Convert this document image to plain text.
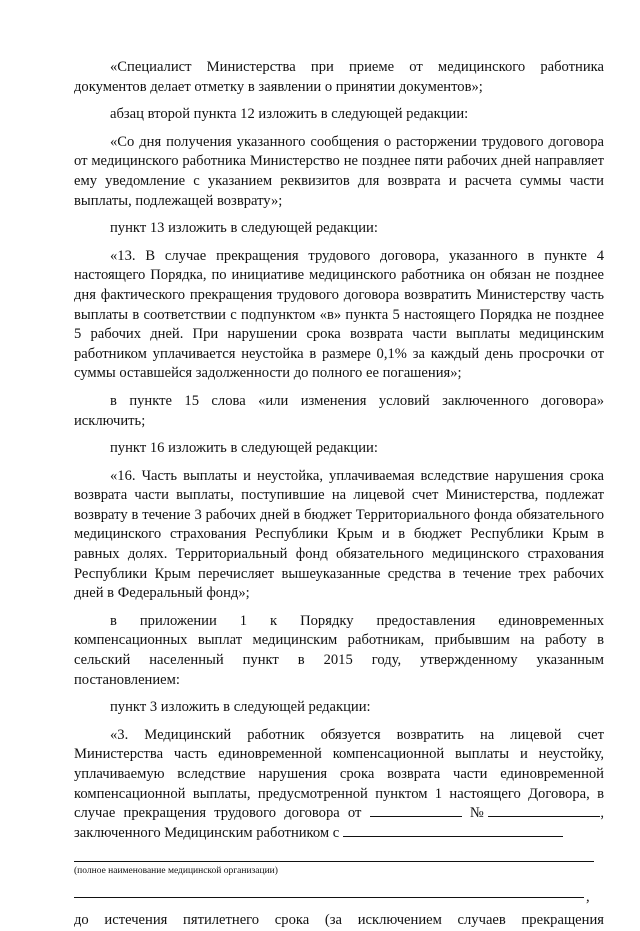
«Специалист Министерства при приеме от медицинского работника документов делает отметку в заявлении о принятии документов»;

абзац второй пункта 12 изложить в следующей редакции:

«Со дня получения указанного сообщения о расторжении трудового договора от медицинского работника Министерство не позднее пяти рабочих дней направляет ему уведомление с указанием реквизитов для возврата и расчета суммы части выплаты, подлежащей возврату»;

пункт 13 изложить в следующей редакции:

«13. В случае прекращения трудового договора, указанного в пункте 4 настоящего Порядка, по инициативе медицинского работника он обязан не позднее дня фактического прекращения трудового договора возвратить Министерству часть выплаты в соответствии с подпунктом «в» пункта 5 настоящего Порядка не позднее 5 рабочих дней. При нарушении срока возврата части выплаты медицинским работником уплачивается неустойка в размере 0,1% за каждый день просрочки от суммы оставшейся задолженности до полного ее погашения»;

в пункте 15 слова «или изменения условий заключенного договора» исключить;

пункт 16 изложить в следующей редакции:

«16. Часть выплаты и неустойка, уплачиваемая вследствие нарушения срока возврата части выплаты, поступившие на лицевой счет Министерства, подлежат возврату в течение 3 рабочих дней в бюджет Территориального фонда обязательного медицинского страхования Республики Крым и в бюджет Республики Крым в равных долях. Территориальный фонд обязательного медицинского страхования Республики Крым перечисляет вышеуказанные средства в течение трех рабочих дней в Федеральный фонд»;

в приложении 1 к Порядку предоставления единовременных компенсационных выплат медицинским работникам, прибывшим на работу в сельский населенный пункт в 2015 году, утвержденному указанным постановлением:

пункт 3 изложить в следующей редакции:

«3. Медицинский работник обязуется возвратить на лицевой счет Министерства часть единовременной компенсационной выплаты и неустойку, уплачиваемую вследствие нарушения срока возврата части единовременной компенсационной выплаты, предусмотренной пунктом 1 настоящего Договора, в случае прекращения трудового договора от	№	, заключенного Медицинским работником с

(полное наименование медицинской организации)

,

до истечения пятилетнего срока (за исключением случаев прекращения
